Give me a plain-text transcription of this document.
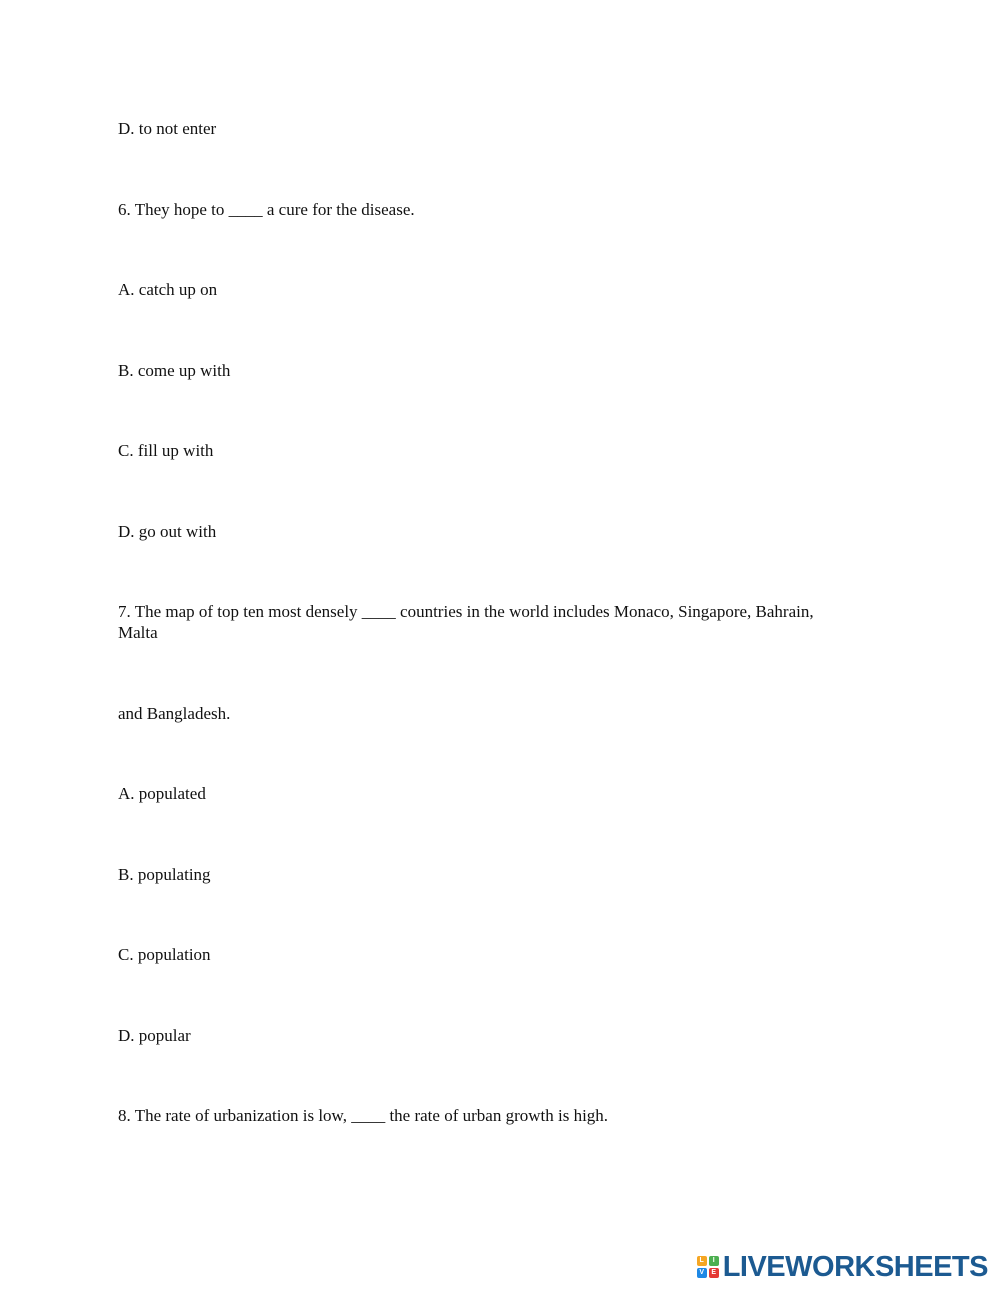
D. to not enter

6. They hope to ____ a cure for the disease.

A. catch up on

B. come up with

C. fill up with

D. go out with

7. The map of top ten most densely ____ countries in the world includes Monaco, Singapore, Bahrain,

Malta

and Bangladesh.

A. populated

B. populating

C. population

D. popular

8. The rate of urbanization is low, ____ the rate of urban growth is high.

L	I
V	E LIVEWORKSHEETS
